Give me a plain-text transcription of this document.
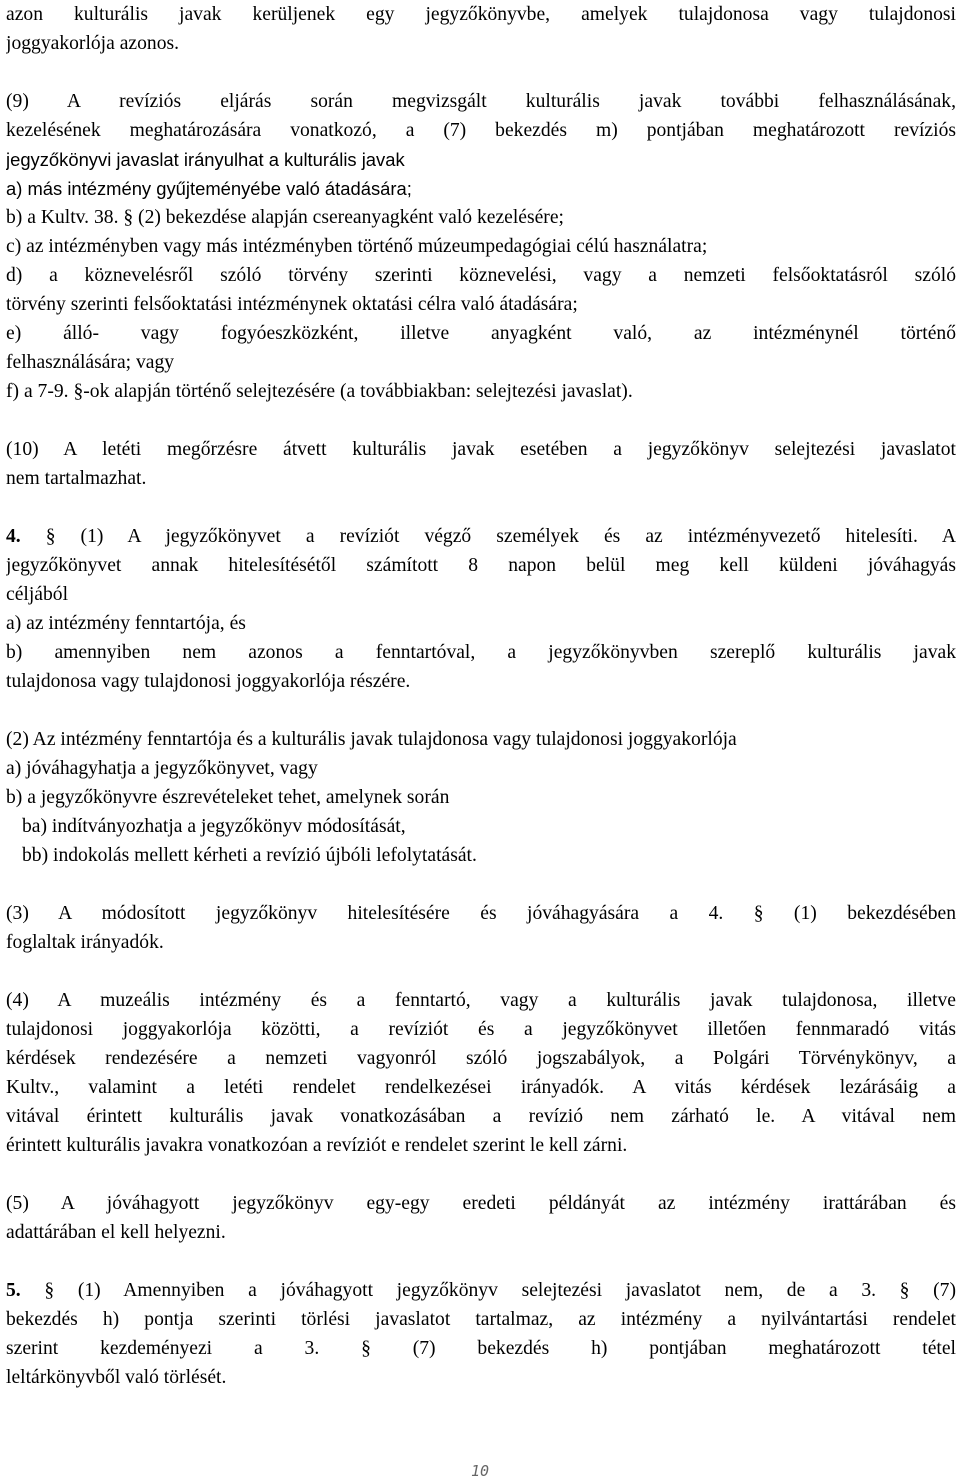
azon kulturális javak kerüljenek egy jegyzőkönyvbe, amelyek tulajdonosa vagy tulajdonosi
joggyakorlója azonos.
(9) A revíziós eljárás során megvizsgált kulturális javak további felhasználásának,
kezelésének meghatározására vonatkozó, a (7) bekezdés m) pontjában meghatározott revíziós
jegyzőkönyvi javaslat irányulhat a kulturális javak
a) más intézmény gyűjteményébe való átadására;
b) a Kultv. 38. § (2) bekezdése alapján csereanyagként való kezelésére;
c) az intézményben vagy más intézményben történő múzeumpedagógiai célú használatra;
d) a köznevelésről szóló törvény szerinti köznevelési, vagy a nemzeti felsőoktatásról szóló
törvény szerinti felsőoktatási intézménynek oktatási célra való átadására;
e) álló- vagy fogyóeszközként, illetve anyagként való, az intézménynél történő
felhasználására; vagy
f) a 7-9. §-ok alapján történő selejtezésére (a továbbiakban: selejtezési javaslat).
(10) A letéti megőrzésre átvett kulturális javak esetében a jegyzőkönyv selejtezési javaslatot
nem tartalmazhat.
4. § (1) A jegyzőkönyvet a revíziót végző személyek és az intézményvezető hitelesíti. A
jegyzőkönyvet annak hitelesítésétől számított 8 napon belül meg kell küldeni jóváhagyás
céljából
a) az intézmény fenntartója, és
b) amennyiben nem azonos a fenntartóval, a jegyzőkönyvben szereplő kulturális javak
tulajdonosa vagy tulajdonosi joggyakorlója részére.
(2) Az intézmény fenntartója és a kulturális javak tulajdonosa vagy tulajdonosi joggyakorlója
a) jóváhagyhatja a jegyzőkönyvet, vagy
b) a jegyzőkönyvre észrevételeket tehet, amelynek során
ba) indítványozhatja a jegyzőkönyv módosítását,
bb) indokolás mellett kérheti a revízió újbóli lefolytatását.
(3) A módosított jegyzőkönyv hitelesítésére és jóváhagyására a 4. § (1) bekezdésében
foglaltak irányadók.
(4) A muzeális intézmény és a fenntartó, vagy a kulturális javak tulajdonosa, illetve
tulajdonosi joggyakorlója közötti, a revíziót és a jegyzőkönyvet illetően fennmaradó vitás
kérdések rendezésére a nemzeti vagyonról szóló jogszabályok, a Polgári Törvénykönyv, a
Kultv., valamint a letéti rendelet rendelkezései irányadók. A vitás kérdések lezárásáig a
vitával érintett kulturális javak vonatkozásában a revízió nem zárható le. A vitával nem
érintett kulturális javakra vonatkozóan a revíziót e rendelet szerint le kell zárni.
(5) A jóváhagyott jegyzőkönyv egy-egy eredeti példányát az intézmény irattárában és
adattárában el kell helyezni.
5. § (1) Amennyiben a jóváhagyott jegyzőkönyv selejtezési javaslatot nem, de a 3. § (7)
bekezdés h) pontja szerinti törlési javaslatot tartalmaz, az intézmény a nyilvántartási rendelet
szerint kezdeményezi a 3. § (7) bekezdés h) pontjában meghatározott tétel
leltárkönyvből való törlését.
10
